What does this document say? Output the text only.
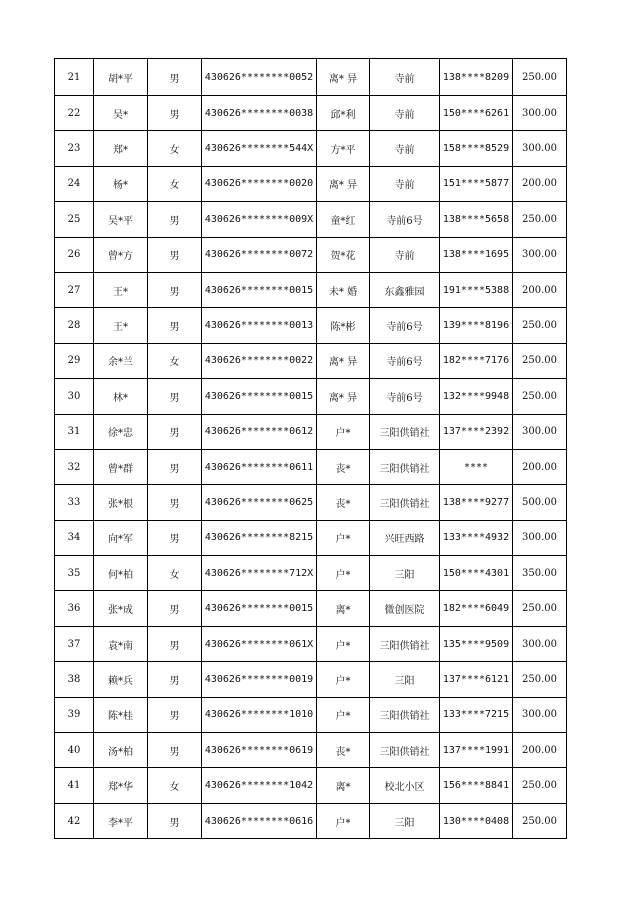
21	胡*平	男	430626********0052	离* 异	寺前	138****8209	250.00
22	吴*	男	430626********0038	邱*利	寺前	150****6261	300.00
23	郑*	女	430626********544X	方*平	寺前	158****8529	300.00
24	杨*	女	430626********0020	离* 异	寺前	151****5877	200.00
25	吴*平	男	430626********009X	童*红	寺前6号	138****5658	250.00
26	曾*方	男	430626********0072	贺*花	寺前	138****1695	300.00
27	王*	男	430626********0015	未* 婚	东鑫雅园	191****5388	200.00
28	王*	男	430626********0013	陈*彬	寺前6号	139****8196	250.00
29	余*兰	女	430626********0022	离* 异	寺前6号	182****7176	250.00
30	林*	男	430626********0015	离* 异	寺前6号	132****9948	250.00
31	徐*忠	男	430626********0612	户*	三阳供销社	137****2392	300.00
32	曾*群	男	430626********0611	丧*	三阳供销社	****	200.00
33	张*根	男	430626********0625	丧*	三阳供销社	138****9277	500.00
34	向*军	男	430626********8215	户*	兴旺西路	133****4932	300.00
35	何*柏	女	430626********712X	户*	三阳	150****4301	350.00
36	张*成	男	430626********0015	离*	微创医院	182****6049	250.00
37	袁*南	男	430626********061X	户*	三阳供销社	135****9509	300.00
38	赖*兵	男	430626********0019	户*	三阳	137****6121	250.00
39	陈*桂	男	430626********1010	户*	三阳供销社	133****7215	300.00
40	汤*柏	男	430626********0619	丧*	三阳供销社	137****1991	200.00
41	郑*华	女	430626********1042	离*	校北小区	156****8841	250.00
42	李*平	男	430626********0616	户*	三阳	130****0408	250.00
